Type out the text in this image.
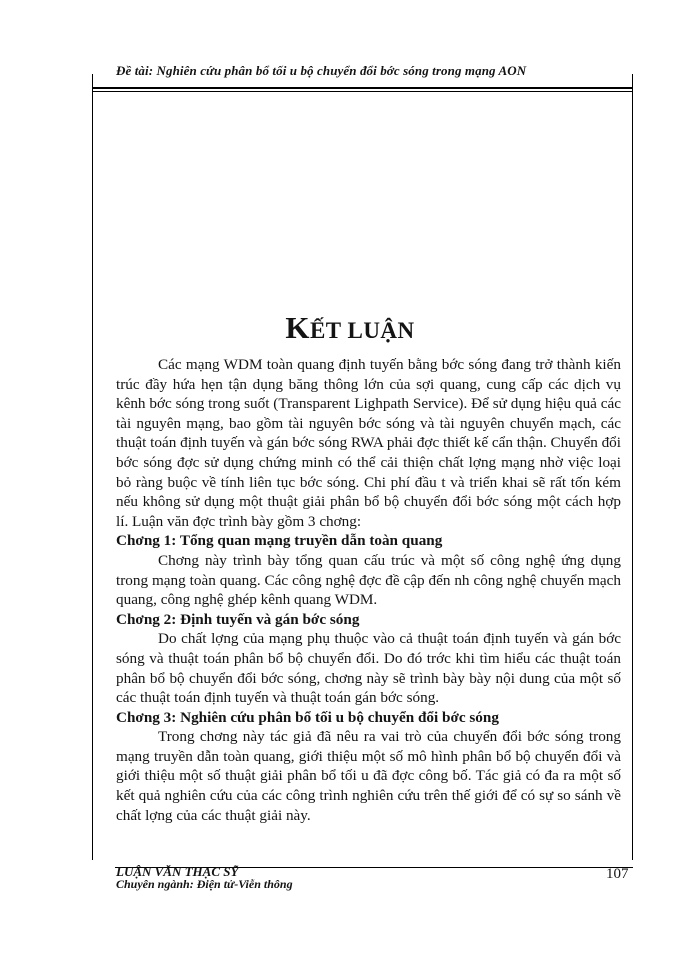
Đề tài: Nghiên cứu phân bổ tối u bộ chuyển đổi bớc sóng trong mạng AON
KẾT LUẬN

Các mạng WDM toàn quang định tuyến bằng bớc sóng đang trở thành kiến trúc đầy hứa hẹn tận dụng băng thông lớn của sợi quang, cung cấp các dịch vụ kênh bớc sóng trong suốt (Transparent Lighpath Service). Để sử dụng hiệu quả các tài nguyên mạng, bao gồm tài nguyên bớc sóng và tài nguyên chuyển mạch, các thuật toán định tuyến và gán bớc sóng RWA phải đợc thiết kế cẩn thận. Chuyển đổi bớc sóng đợc sử dụng chứng minh có thể cải thiện chất lợng mạng nhờ việc loại bỏ ràng buộc về tính liên tục bớc sóng. Chi phí đầu t và triển khai sẽ rất tốn kém nếu không sử dụng một thuật giải phân bổ bộ chuyển đổi bớc sóng một cách hợp lí. Luận văn đợc trình bày gồm 3 chơng:

Chơng 1: Tổng quan mạng truyền dẫn toàn quang

Chơng này trình bày tổng quan cấu trúc và một số công nghệ ứng dụng trong mạng toàn quang. Các công nghệ đợc đề cập đến nh công nghệ chuyển mạch quang, công nghệ ghép kênh quang WDM.

Chơng 2: Định tuyến và gán bớc sóng

Do chất lợng của mạng phụ thuộc vào cả thuật toán định tuyến và gán bớc sóng và thuật toán phân bổ bộ chuyển đổi. Do đó trớc khi tìm hiểu các thuật toán phân bổ bộ chuyển đổi bớc sóng, chơng này sẽ trình bày bày nội dung của một số các thuật toán định tuyến và thuật toán gán bớc sóng.

Chơng 3: Nghiên cứu phân bổ tối u bộ chuyển đổi bớc sóng

Trong chơng này tác giả đã nêu ra vai trò của chuyển đổi bớc sóng trong mạng truyền dẫn toàn quang, giới thiệu một số mô hình phân bổ bộ chuyển đổi và giới thiệu một số thuật giải phân bổ tối u đã đợc công bố. Tác giả có đa ra một số kết quả nghiên cứu của các công trình nghiên cứu trên thế giới để có sự so sánh về chất lợng của các thuật giải này.

LUẬN VĂN THẠC SỸ
Chuyên ngành: Điện tử-Viễn thông
107
